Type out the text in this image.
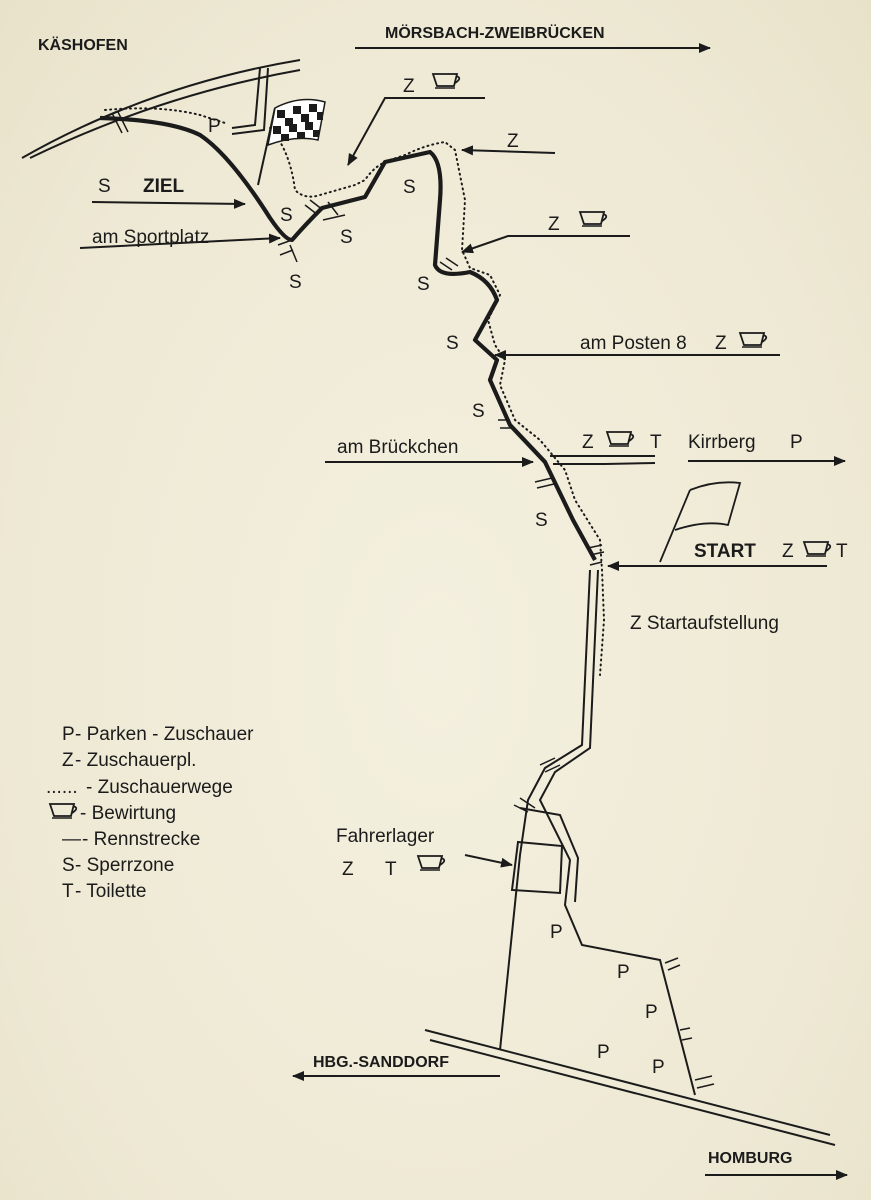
KÄSHOFEN
MÖRSBACH-ZWEIBRÜCKEN
HBG.-SANDDORF
HOMBURG
Kirrberg P
S ZIEL
am Sportplatz
P
Z
Z
Z
S
S
S
S	S
S
S
S
am Posten 8 Z
am Brückchen	Z	T
Z Startaufstellung
Fahrerlager
Z T
P
P
P
P
P
START Z T
P - Parken - Zuschauer
Z - Zuschauerpl.
...... - Zuschauerwege
- Bewirtung
— - Rennstrecke
S - Sperrzone
T - Toilette
